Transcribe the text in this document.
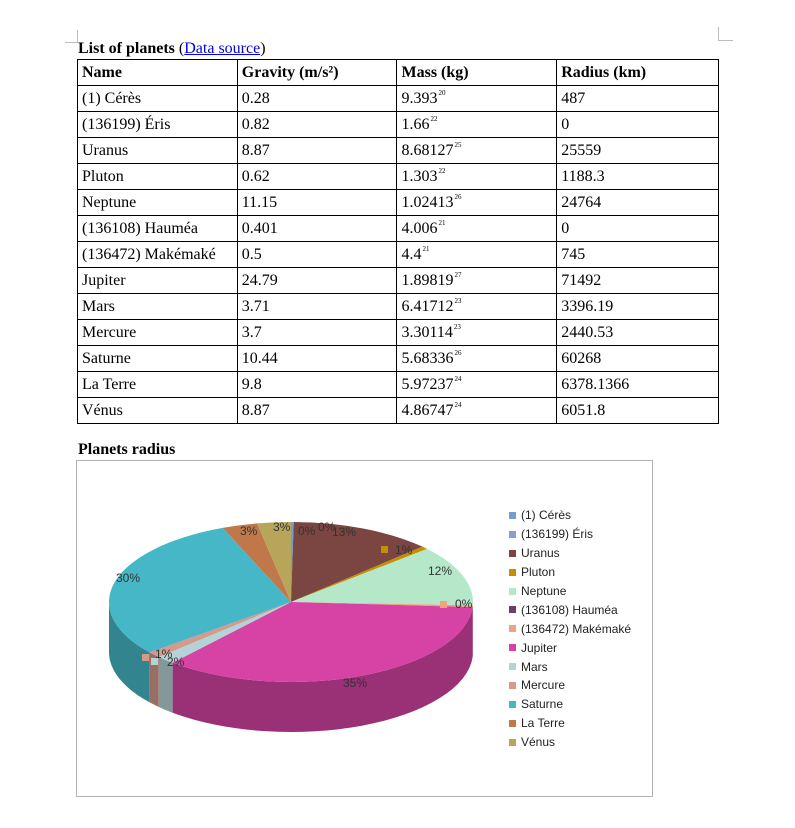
List of planets (Data source)
Name	Gravity (m/s²)	Mass (kg)	Radius (km)
(1) Cérès	0.28	9.393$^{20}$	487
(136199) Éris	0.82	1.66$^{22}$	0
Uranus	8.87	8.68127$^{25}$	25559
Pluton	0.62	1.303$^{22}$	1188.3
Neptune	11.15	1.02413$^{26}$	24764
(136108) Hauméa	0.401	4.006$^{21}$	0
(136472) Makémaké	0.5	$4.4^{21}$	745
Jupiter	24.79	1.89819$^{27}$	71492
Mars	3.71	6.41712$^{23}$	3396.19
Mercure	3.7	3.30114$^{23}$	2440.53
Saturne	10.44	5.68336$^{26}$	60268
La Terre	9.8	5.97237$^{24}$	6378.1366
Vénus	8.87	4.86747$^{24}$	6051.8
Planets radius
0% 0%
13%
1%
12%
0%
35%
2%
1%
30%
3% 3%
(1) Cérès
(136199) Éris
Uranus
Pluton
Neptune
(136108) Hauméa
(136472) Makémaké
Jupiter
Mars
Mercure
Saturne
La Terre
Vénus
